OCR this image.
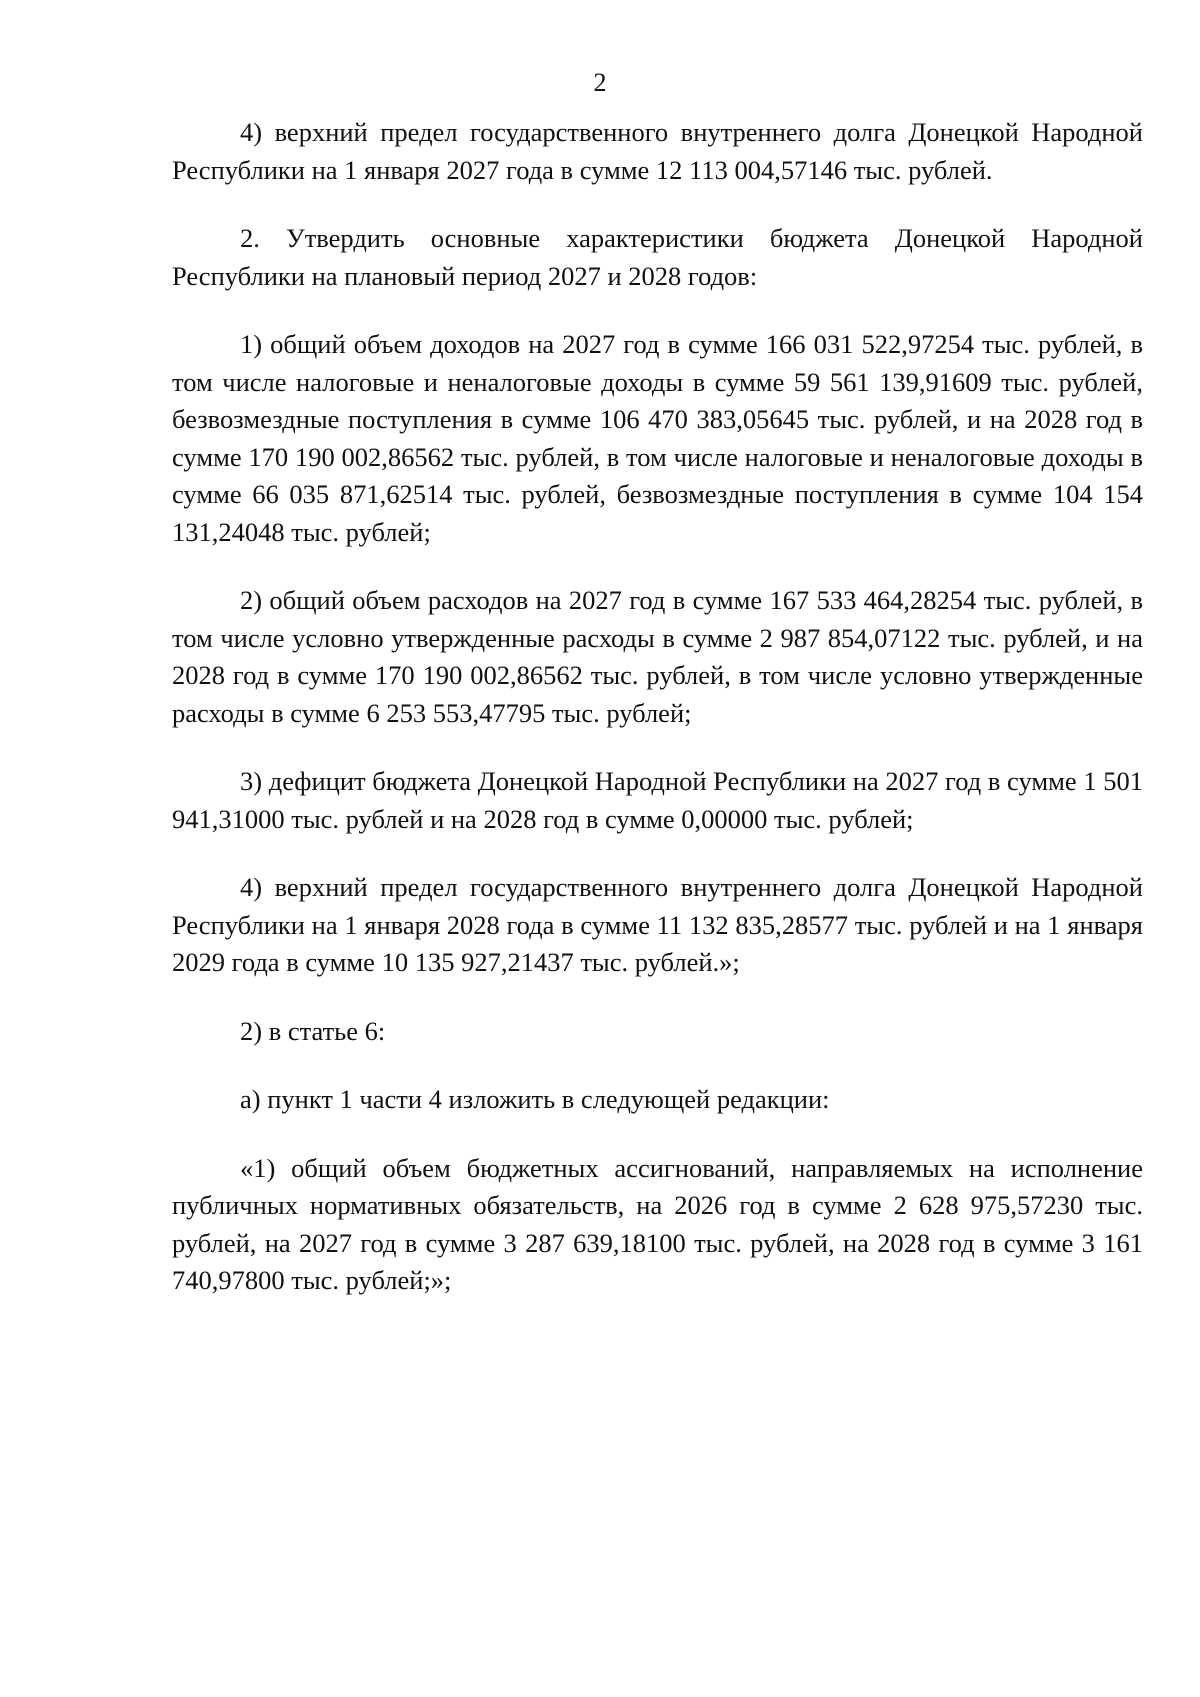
2

4) верхний предел государственного внутреннего долга Донецкой Народной Республики на 1 января 2027 года в сумме 12 113 004,57146 тыс. рублей.

2. Утвердить основные характеристики бюджета Донецкой Народной Республики на плановый период 2027 и 2028 годов:

1) общий объем доходов на 2027 год в сумме 166 031 522,97254 тыс. рублей, в том числе налоговые и неналоговые доходы в сумме 59 561 139,91609 тыс. рублей, безвозмездные поступления в сумме 106 470 383,05645 тыс. рублей, и на 2028 год в сумме 170 190 002,86562 тыс. рублей, в том числе налоговые и неналоговые доходы в сумме 66 035 871,62514 тыс. рублей, безвозмездные поступления в сумме 104 154 131,24048 тыс. рублей;

2) общий объем расходов на 2027 год в сумме 167 533 464,28254 тыс. рублей, в том числе условно утвержденные расходы в сумме 2 987 854,07122 тыс. рублей, и на 2028 год в сумме 170 190 002,86562 тыс. рублей, в том числе условно утвержденные расходы в сумме 6 253 553,47795 тыс. рублей;

3) дефицит бюджета Донецкой Народной Республики на 2027 год в сумме 1 501 941,31000 тыс. рублей и на 2028 год в сумме 0,00000 тыс. рублей;

4) верхний предел государственного внутреннего долга Донецкой Народной Республики на 1 января 2028 года в сумме 11 132 835,28577 тыс. рублей и на 1 января 2029 года в сумме 10 135 927,21437 тыс. рублей.»;

2) в статье 6:

а) пункт 1 части 4 изложить в следующей редакции:

«1) общий объем бюджетных ассигнований, направляемых на исполнение публичных нормативных обязательств, на 2026 год в сумме 2 628 975,57230 тыс. рублей, на 2027 год в сумме 3 287 639,18100 тыс. рублей, на 2028 год в сумме 3 161 740,97800 тыс. рублей;»;
